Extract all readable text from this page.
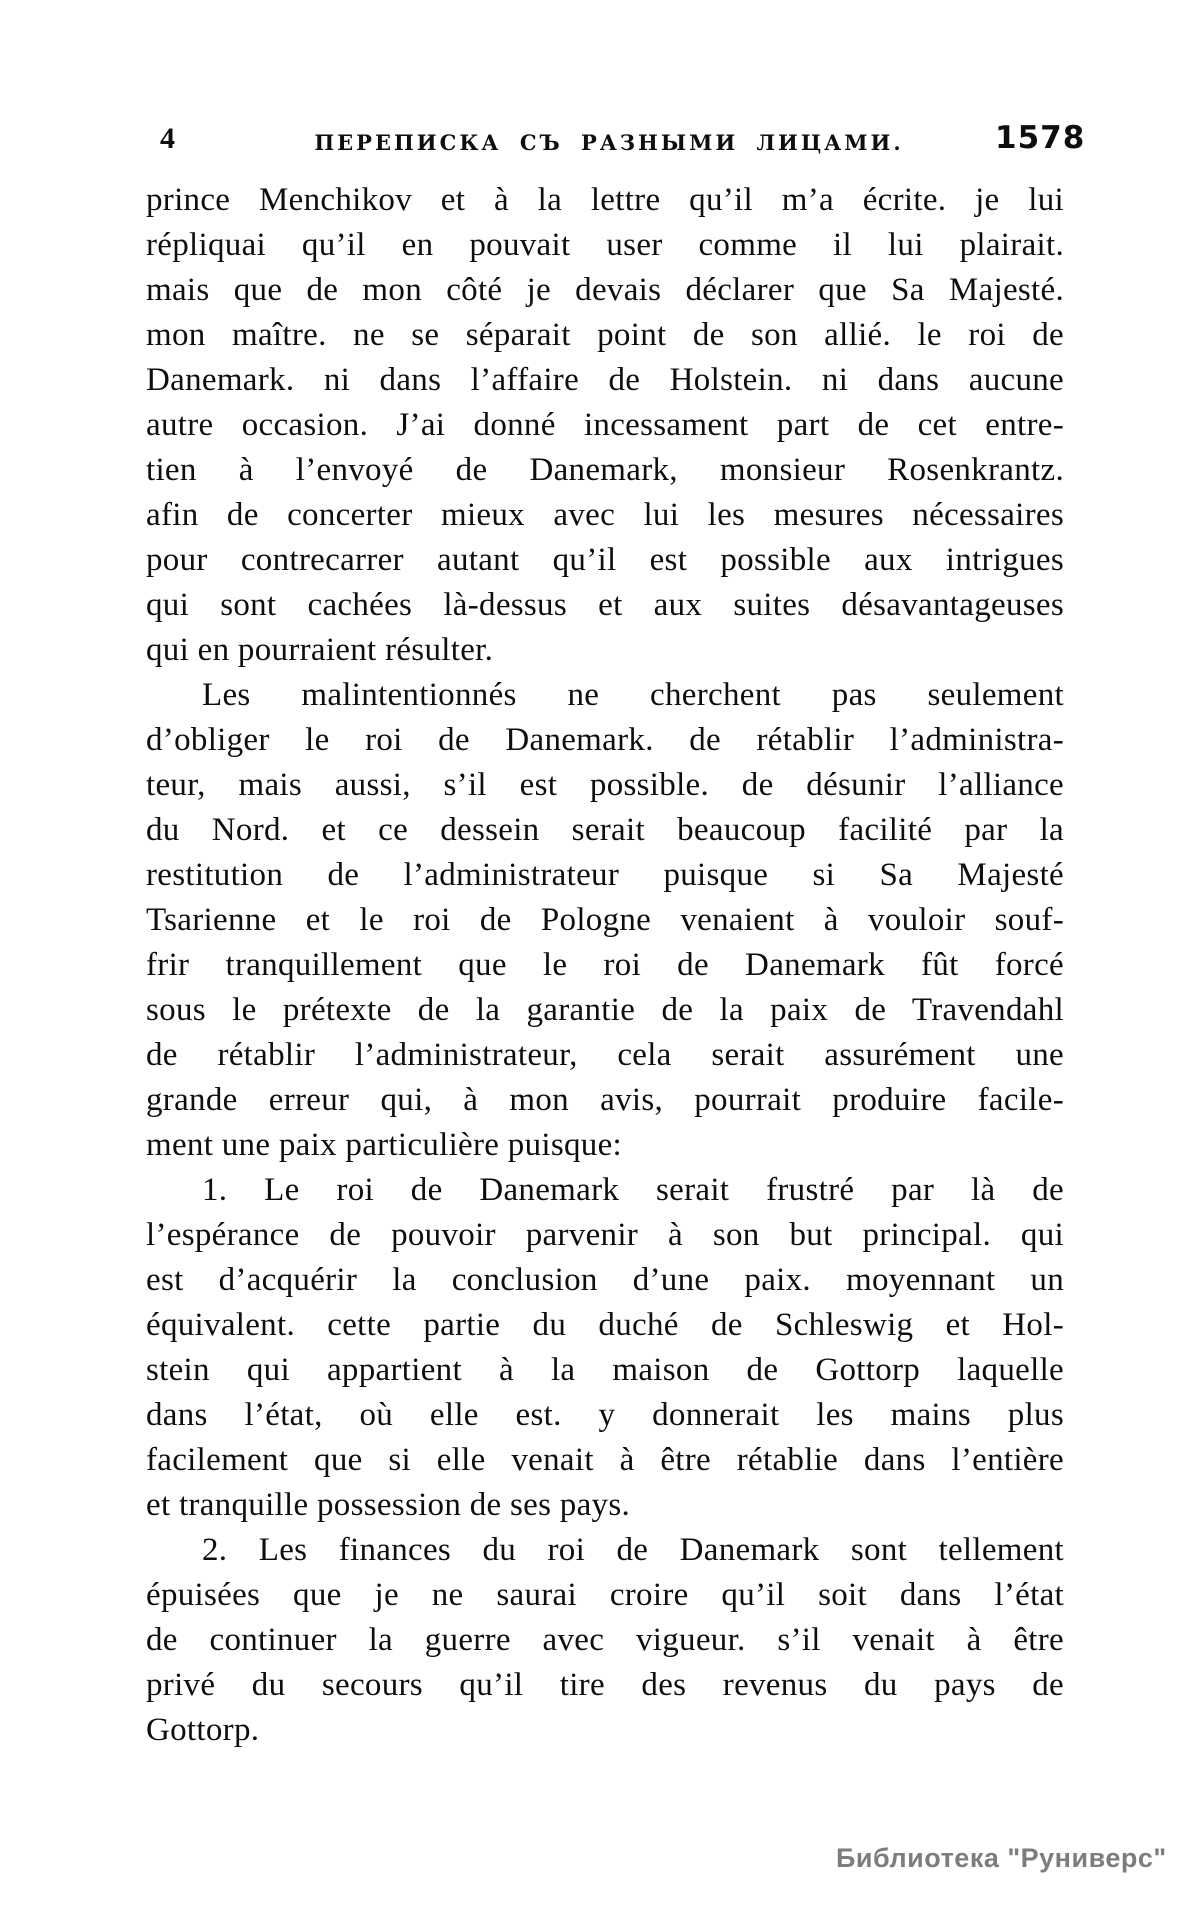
4	ПЕРЕПИСКА СЪ РАЗНЫМИ ЛИЦАМИ.	1578
prince Menchikov et à la lettre qu’il m’a écrite. je lui
répliquai qu’il en pouvait user comme il lui plairait.
mais que de mon côté je devais déclarer que Sa Majesté.
mon maître. ne se séparait point de son allié. le roi de
Danemark. ni dans l’affaire de Holstein. ni dans aucune
autre occasion. J’ai donné incessament part de cet entre-
tien à l’envoyé de Danemark, monsieur Rosenkrantz.
afin de concerter mieux avec lui les mesures nécessaires
pour contrecarrer autant qu’il est possible aux intrigues
qui sont cachées là-dessus et aux suites désavantageuses
qui en pourraient résulter.
Les malintentionnés ne cherchent pas seulement
d’obliger le roi de Danemark. de rétablir l’administra-
teur, mais aussi, s’il est possible. de désunir l’alliance
du Nord. et ce dessein serait beaucoup facilité par la
restitution de l’administrateur puisque si Sa Majesté
Tsarienne et le roi de Pologne venaient à vouloir souf-
frir tranquillement que le roi de Danemark fût forcé
sous le prétexte de la garantie de la paix de Travendahl
de rétablir l’administrateur, cela serait assurément une
grande erreur qui, à mon avis, pourrait produire facile-
ment une paix particulière puisque:
1. Le roi de Danemark serait frustré par là de
l’espérance de pouvoir parvenir à son but principal. qui
est d’acquérir la conclusion d’une paix. moyennant un
équivalent. cette partie du duché de Schleswig et Hol-
stein qui appartient à la maison de Gottorp laquelle
dans l’état, où elle est. y donnerait les mains plus
facilement que si elle venait à être rétablie dans l’entière
et tranquille possession de ses pays.
2. Les finances du roi de Danemark sont tellement
épuisées que je ne saurai croire qu’il soit dans l’état
de continuer la guerre avec vigueur. s’il venait à être
privé du secours qu’il tire des revenus du pays de
Gottorp.
Библиотека "Руниверс"
